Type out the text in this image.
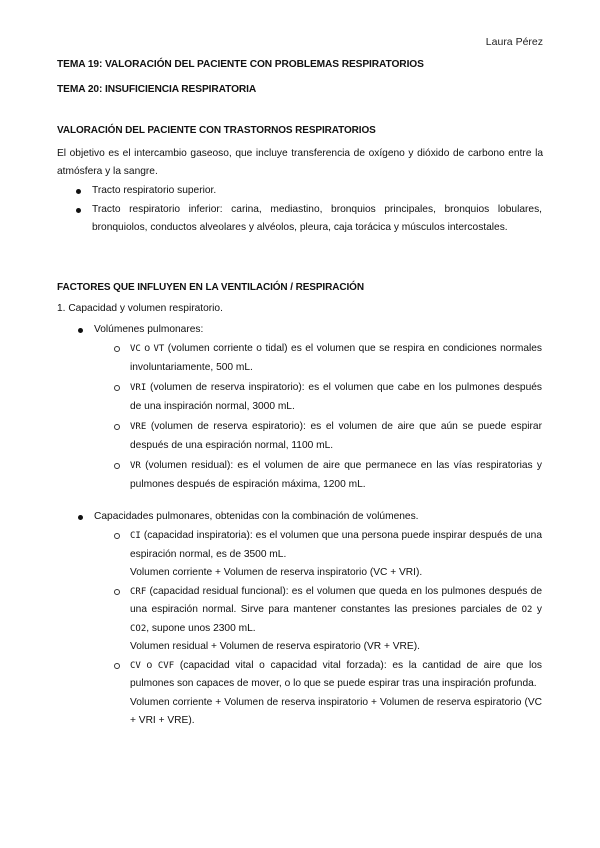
Laura Pérez
TEMA 19: VALORACIÓN DEL PACIENTE CON PROBLEMAS RESPIRATORIOS
TEMA 20: INSUFICIENCIA RESPIRATORIA
VALORACIÓN DEL PACIENTE CON TRASTORNOS RESPIRATORIOS
El objetivo es el intercambio gaseoso, que incluye transferencia de oxígeno y dióxido de carbono entre la atmósfera y la sangre.
Tracto respiratorio superior.
Tracto respiratorio inferior: carina, mediastino, bronquios principales, bronquios lobulares, bronquiolos, conductos alveolares y alvéolos, pleura, caja torácica y músculos intercostales.
FACTORES QUE INFLUYEN EN LA VENTILACIÓN / RESPIRACIÓN
1. Capacidad y volumen respiratorio.
Volúmenes pulmonares:
VC o VT (volumen corriente o tidal) es el volumen que se respira en condiciones normales involuntariamente, 500 mL.
VRI (volumen de reserva inspiratorio): es el volumen que cabe en los pulmones después de una inspiración normal, 3000 mL.
VRE (volumen de reserva espiratorio): es el volumen de aire que aún se puede espirar después de una espiración normal, 1100 mL.
VR (volumen residual): es el volumen de aire que permanece en las vías respiratorias y pulmones después de espiración máxima, 1200 mL.
Capacidades pulmonares, obtenidas con la combinación de volúmenes.
CI (capacidad inspiratoria): es el volumen que una persona puede inspirar después de una espiración normal, es de 3500 mL.
Volumen corriente + Volumen de reserva inspiratorio (VC + VRI).
CRF (capacidad residual funcional): es el volumen que queda en los pulmones después de una espiración normal. Sirve para mantener constantes las presiones parciales de O2 y CO2, supone unos 2300 mL.
Volumen residual + Volumen de reserva espiratorio (VR + VRE).
CV o CVF (capacidad vital o capacidad vital forzada): es la cantidad de aire que los pulmones son capaces de mover, o lo que se puede espirar tras una inspiración profunda.
Volumen corriente + Volumen de reserva inspiratorio + Volumen de reserva espiratorio (VC + VRI + VRE).
